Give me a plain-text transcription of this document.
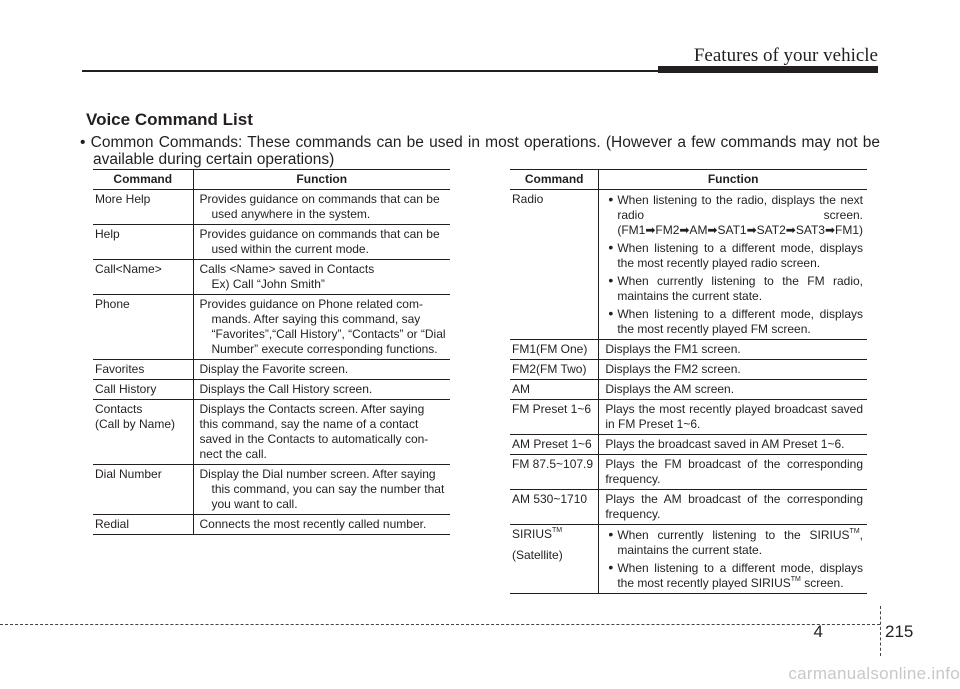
Features of your vehicle
Voice Command List
• Common Commands: These commands can be used in most operations. (However a few commands may not be
available during certain operations)
Command	Function
More Help	Provides guidance on commands that can be
used anywhere in the system.

Help	Provides guidance on commands that can be
used within the current mode.

Call<Name>	Calls <Name> saved in Contacts
Ex) Call “John Smith”

Phone	Provides guidance on Phone related com-
mands. After saying this command, say
“Favorites”,“Call History”, “Contacts” or “Dial
Number” execute corresponding functions.

Favorites	Display the Favorite screen.

Call History	Displays the Call History screen.

Contacts
(Call by Name)	Displays the Contacts screen. After saying
this command, say the name of a contact
saved in the Contacts to automatically con-
nect the call.

Dial Number	Display the Dial number screen. After saying
this command, you can say the number that
you want to call.

Redial	Connects the most recently called number.
Command	Function
Radio	• When listening to the radio, displays the next radio screen. (FM1➡FM2➡AM➡SAT1➡SAT2➡SAT3➡FM1)
• When listening to a different mode, displays the most recently played radio screen.
• When currently listening to the FM radio, maintains the current state.
• When listening to a different mode, displays the most recently played FM screen.

FM1(FM One)	Displays the FM1 screen.
FM2(FM Two)	Displays the FM2 screen.
AM	Displays the AM screen.
FM Preset 1~6	Plays the most recently played broadcast saved in FM Preset 1~6.
AM Preset 1~6	Plays the broadcast saved in AM Preset 1~6.
FM 87.5~107.9	Plays the FM broadcast of the corresponding frequency.
AM 530~1710	Plays the AM broadcast of the corresponding frequency.

SIRIUS™
(Satellite)	• When currently listening to the SIRIUS™, maintains the current state.
• When listening to a different mode, displays the most recently played SIRIUS™ screen.
4	215
carmanualsonline.info
